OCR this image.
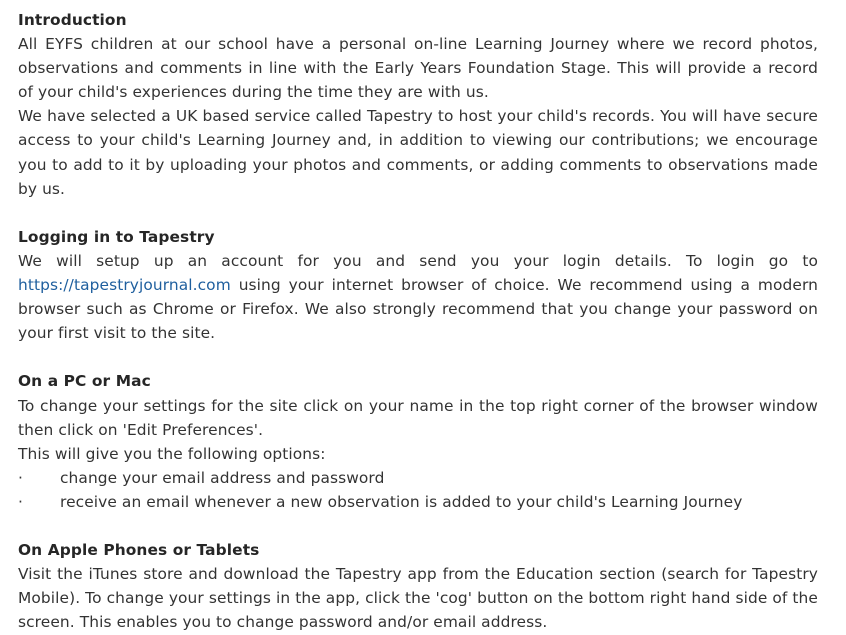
Introduction

All EYFS children at our school have a personal on-line Learning Journey where we record photos, observations and comments in line with the Early Years Foundation Stage. This will provide a record of your child's experiences during the time they are with us.

We have selected a UK based service called Tapestry to host your child's records. You will have secure access to your child's Learning Journey and, in addition to viewing our contributions; we encourage you to add to it by uploading your photos and comments, or adding comments to observations made by us.

Logging in to Tapestry

We will setup up an account for you and send you your login details. To login go to https://tapestryjournal.com using your internet browser of choice. We recommend using a modern browser such as Chrome or Firefox. We also strongly recommend that you change your password on your first visit to the site.

On a PC or Mac

To change your settings for the site click on your name in the top right corner of the browser window then click on 'Edit Preferences'.

This will give you the following options:

·	change your email address and password
·	receive an email whenever a new observation is added to your child's Learning Journey

On Apple Phones or Tablets

Visit the iTunes store and download the Tapestry app from the Education section (search for Tapestry Mobile). To change your settings in the app, click the 'cog' button on the bottom right hand side of the screen. This enables you to change password and/or email address.
